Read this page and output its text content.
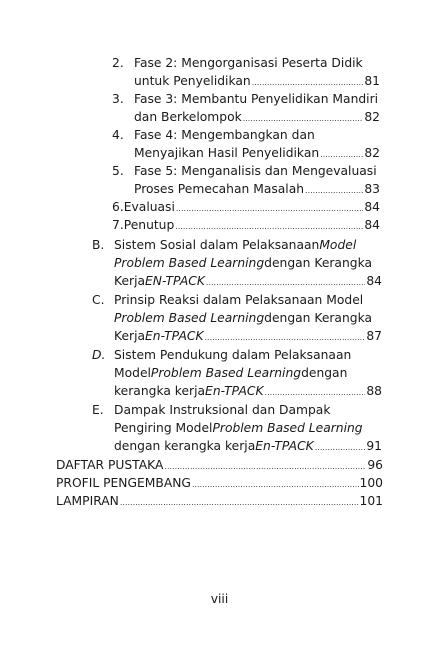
2. Fase 2: Mengorganisasi Peserta Didik
untuk Penyelidikan .....	81
3. Fase 3: Membantu Penyelidikan Mandiri
dan Berkelompok .....	82
4. Fase 4: Mengembangkan dan
Menyajikan Hasil Penyelidikan .....	82
5. Fase 5: Menganalisis dan Mengevaluasi
Proses Pemecahan Masalah .....	83
6. Evaluasi .....	84
7. Penutup .....	84
B. Sistem Sosial dalam Pelaksanaan Model
Problem Based Learning dengan Kerangka
Kerja EN-TPACK .....	84
C. Prinsip Reaksi dalam Pelaksanaan Model
Problem Based Learning dengan Kerangka
Kerja En-TPACK .....	87
D. Sistem Pendukung dalam Pelaksanaan
Model Problem Based Learning dengan
kerangka kerja En-TPACK .....	88
E. Dampak Instruksional dan Dampak
Pengiring Model Problem Based Learning
dengan kerangka kerja En-TPACK .....	91
DAFTAR PUSTAKA .....	96
PROFIL PENGEMBANG .....	100
LAMPIRAN .....	101
viii
